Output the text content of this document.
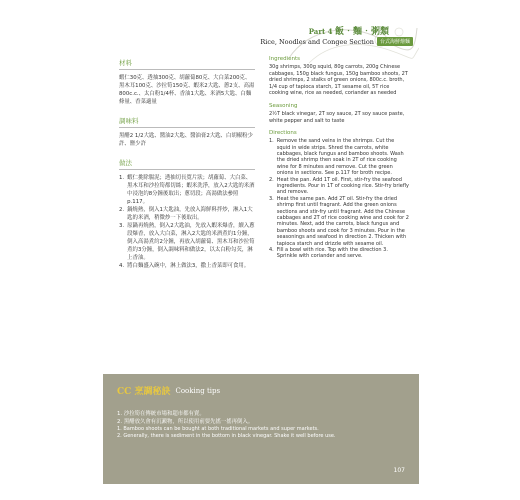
Part 4 飯‧麵‧粥類
Rice, Noodles and Congee Section	台式海鮮燴麵
材料
蝦仁30克、透抽300克、胡蘿蔔80克、大白菜200克、黑木耳100克、沙拉筍150克、蝦米2大匙、蔥2支、高湯800c.c.、太白粉1/4杯、香油1大匙、米酒5大匙、白麵條量、香菜適量
調味料
黑醋2 1/2大匙、醬油2大匙、醬油膏2大匙、白胡椒粉少許、鹽少許
做法
1. 蝦仁挑除腸泥；透抽切長寬片狀；胡蘿蔔、大白菜、黑木耳和沙拉筍都切絲；蝦米洗淨，放入2大匙的米酒中浸泡約8分鐘後取出；蔥切段；高湯做法參照p.117。
2. 鍋燒熱，倒入1大匙油，先放入海鮮料拌炒，淋入1大匙的米酒，稍微炒一下後取出。
3. 原鍋再燒熱，倒入2大匙油，先放入蝦米爆香，續入蔥段爆香，放入大白菜，淋入2大匙的米酒煮約1分鐘，倒入高湯煮約2分鐘，再放入胡蘿蔔、黑木耳和沙拉筍煮約3分鐘，倒入調味料和做法2，以太白粉勾芡，淋上香油。
4. 將白麵盛入碗中，淋上做法3，撒上香菜即可食用。
Ingredients
30g shrimps, 300g squid, 80g carrots, 200g Chinese cabbages, 150g black fungus, 150g bamboo shoots, 2T dried shrimps, 2 stalks of green onions, 800c.c. broth, 1/4 cup of tapioca starch, 1T sesame oil, 5T rice cooking wine, rice as needed, coriander as needed
Seasoning
2½T black vinegar, 2T soy sauce, 2T soy sauce paste, white pepper and salt to taste
Directions
1. Remove the sand veins in the shrimps. Cut the squid in wide strips. Shred the carrots, white cabbages, black fungus and bamboo shoots. Wash the dried shrimp then soak in 2T of rice cooking wine for 8 minutes and remove. Cut the green onions in sections. See p.117 for broth recipe.
2. Heat the pan. Add 1T oil. First, stir-fry the seafood ingredients. Pour in 1T of cooking rice. Stir-fry briefly and remove.
3. Heat the same pan. Add 2T oil. Stir-fry the dried shrimp first until fragrant. Add the green onions sections and stir-fry until fragrant. Add the Chinese cabbages and 2T of rice cooking wine and cook for 2 minutes. Next, add the carrots, black fungus and bamboo shoots and cook for 3 minutes. Pour in the seasonings and seafood in direction 2. Thicken with tapioca starch and drizzle with sesame oil.
4. Fill a bowl with rice. Top with the direction 3. Sprinkle with coriander and serve.
CC 烹調秘訣 Cooking tips
1. 沙拉筍在傳統市場和超市都有賣。
2. 黑醋放久會有沉澱物，所以使用前要先搖一搖再倒入。
1. Bamboo shoots can be bought at both traditional markets and super markets.
2. Generally, there is sediment in the bottom in black vinegar. Shake it well before use.
107
